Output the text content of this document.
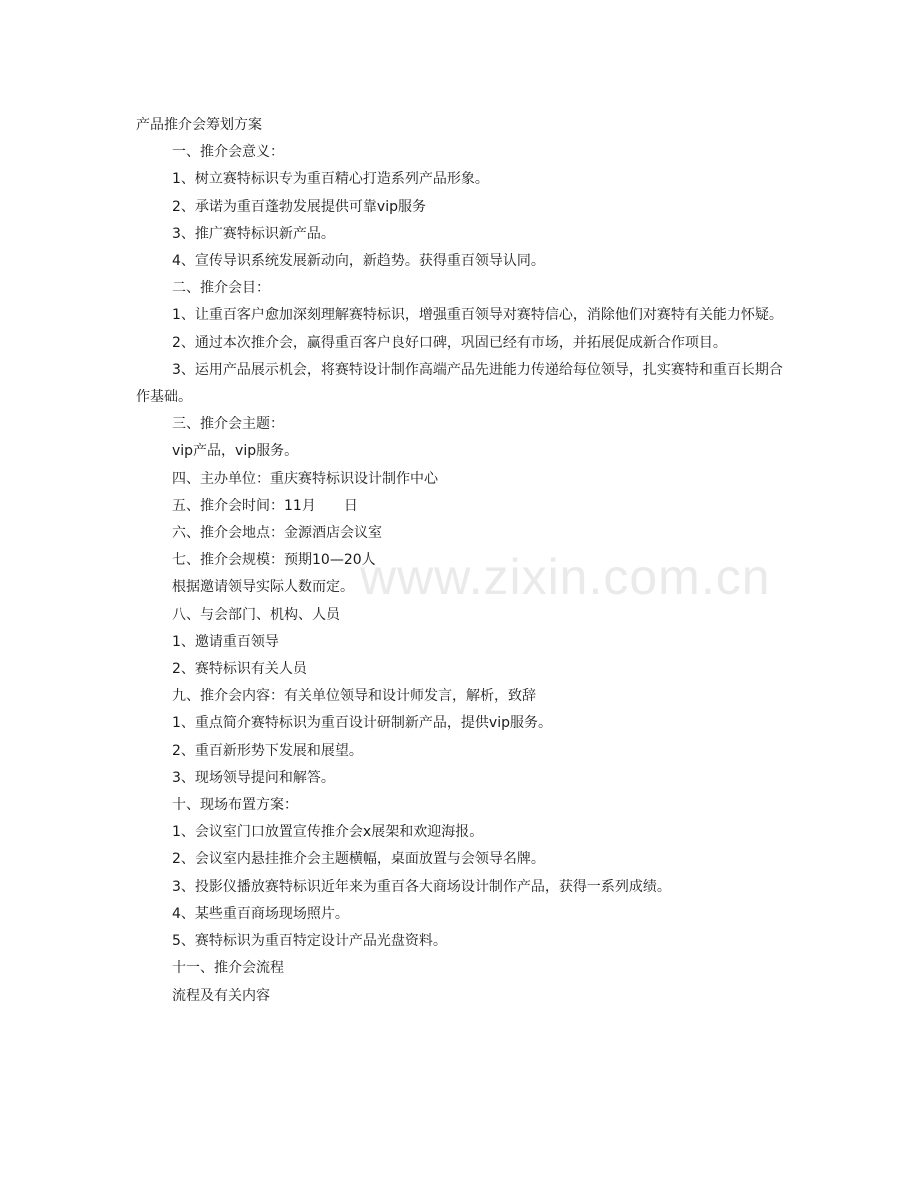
产品推介会筹划方案

一、推介会意义：

1、树立赛特标识专为重百精心打造系列产品形象。

2、承诺为重百蓬勃发展提供可靠vip服务

3、推广赛特标识新产品。

4、宣传导识系统发展新动向，新趋势。获得重百领导认同。

二、推介会目：

1、让重百客户愈加深刻理解赛特标识，增强重百领导对赛特信心，消除他们对赛特有关能力怀疑。

2、通过本次推介会，赢得重百客户良好口碑，巩固已经有市场，并拓展促成新合作项目。

3、运用产品展示机会，将赛特设计制作高端产品先进能力传递给每位领导，扎实赛特和重百长期合作基础。

三、推介会主题：

vip产品，vip服务。

四、主办单位：重庆赛特标识设计制作中心

五、推介会时间：11月　　日

六、推介会地点：金源酒店会议室

七、推介会规模：预期10—20人

根据邀请领导实际人数而定。

八、与会部门、机构、人员

1、邀请重百领导

2、赛特标识有关人员

九、推介会内容：有关单位领导和设计师发言，解析，致辞

1、重点简介赛特标识为重百设计研制新产品，提供vip服务。

2、重百新形势下发展和展望。

3、现场领导提问和解答。

十、现场布置方案：

1、会议室门口放置宣传推介会x展架和欢迎海报。

2、会议室内悬挂推介会主题横幅，桌面放置与会领导名牌。

3、投影仪播放赛特标识近年来为重百各大商场设计制作产品，获得一系列成绩。

4、某些重百商场现场照片。

5、赛特标识为重百特定设计产品光盘资料。

十一、推介会流程

流程及有关内容

www.zixin.com.cn
